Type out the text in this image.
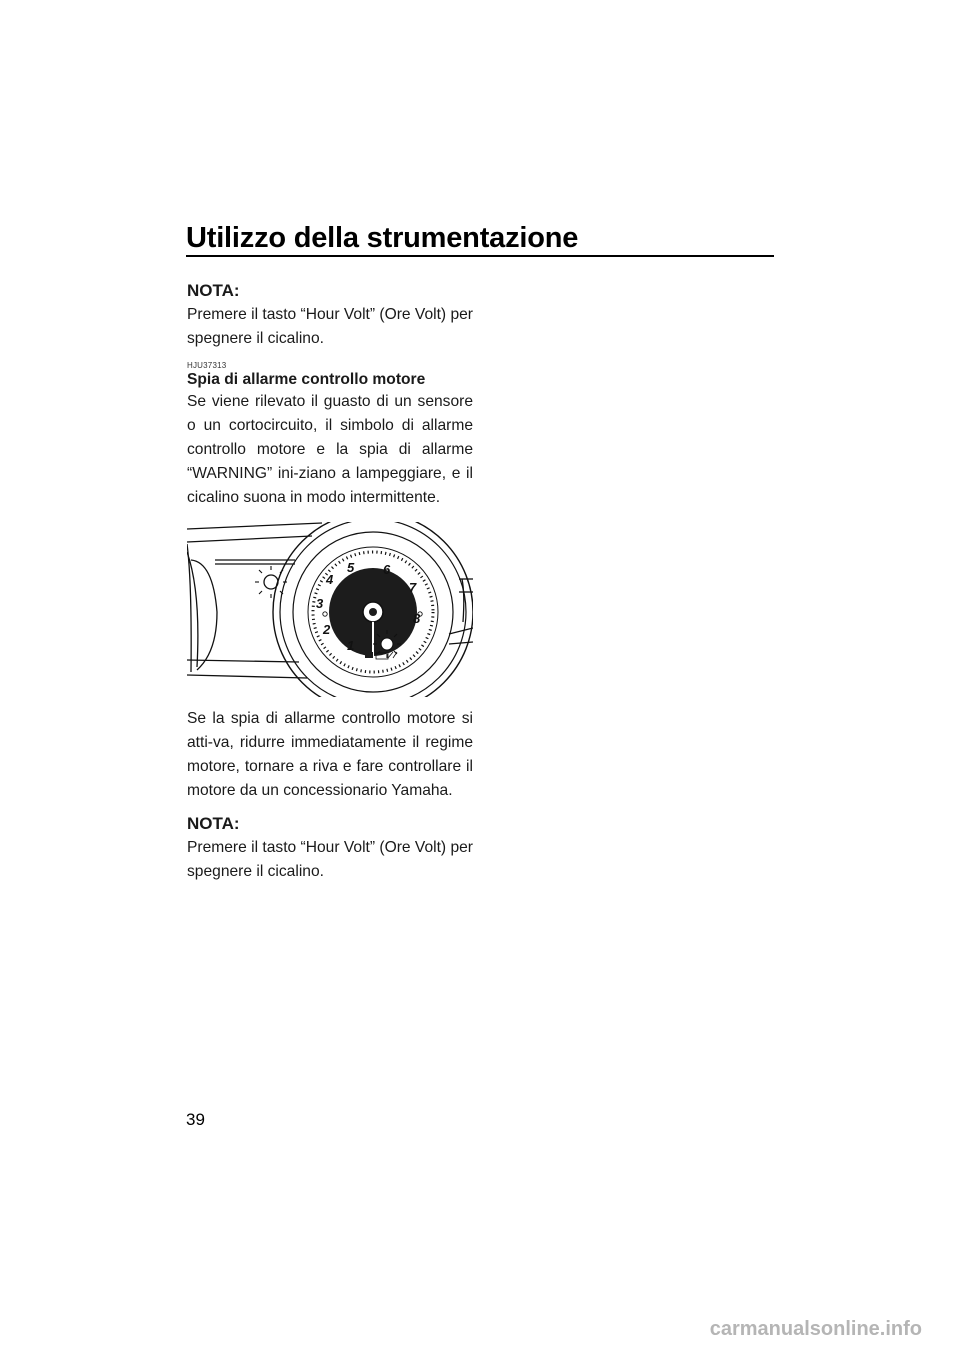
Utilizzo della strumentazione
NOTA:

Premere il tasto “Hour Volt” (Ore Volt) per spegnere il cicalino.

HJU37313
Spia di allarme controllo motore

Se viene rilevato il guasto di un sensore o un cortocircuito, il simbolo di allarme controllo motore e la spia di allarme “WARNING” ini-ziano a lampeggiare, e il cicalino suona in modo intermittente.

1
2
3
4
5 6
7
8

Se la spia di allarme controllo motore si atti-va, ridurre immediatamente il regime motore, tornare a riva e fare controllare il motore da un concessionario Yamaha.

NOTA:

Premere il tasto “Hour Volt” (Ore Volt) per spegnere il cicalino.

39
carmanualsonline.info
